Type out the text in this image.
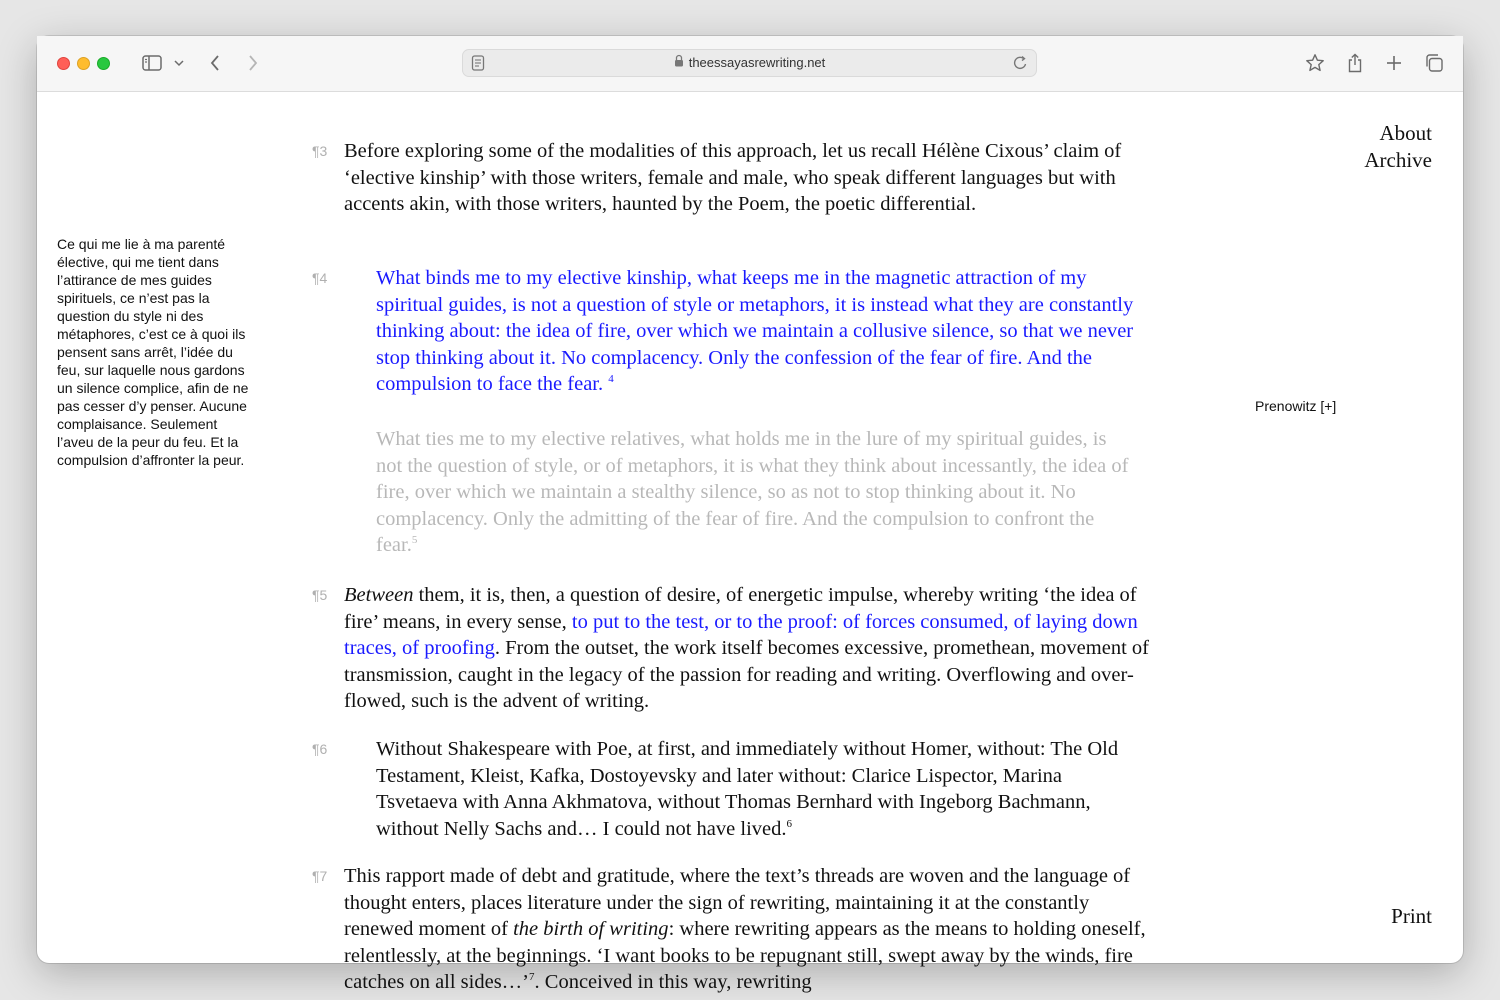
theessayasrewriting.net
About
Archive
Ce qui me lie à ma parenté élective, qui me tient dans l’attirance de mes guides spirituels, ce n’est pas la question du style ni des métaphores, c’est ce à quoi ils pensent sans arrêt, l’idée du feu, sur laquelle nous gardons un silence complice, afin de ne pas cesser d’y penser. Aucune complaisance. Seulement l’aveu de la peur du feu. Et la compulsion d’affronter la peur.
¶3 Before exploring some of the modalities of this approach, let us recall Hélène Cixous’ claim of ‘elective kinship’ with those writers, female and male, who speak different languages but with accents akin, with those writers, haunted by the Poem, the poetic differential.
¶4 What binds me to my elective kinship, what keeps me in the magnetic attraction of my spiritual guides, is not a question of style or metaphors, it is instead what they are constantly thinking about: the idea of fire, over which we maintain a collusive silence, so that we never stop thinking about it. No complacency. Only the confession of the fear of fire. And the compulsion to face the fear. $^4$
What ties me to my elective relatives, what holds me in the lure of my spiritual guides, is not the question of style, or of metaphors, it is what they think about incessantly, the idea of fire, over which we maintain a stealthy silence, so as not to stop thinking about it. No complacency. Only the admitting of the fear of fire. And the compulsion to confront the fear.$^5$
Prenowitz [+]
¶5 Between them, it is, then, a question of desire, of energetic impulse, whereby writing ‘the idea of fire’ means, in every sense, to put to the test, or to the proof: of forces consumed, of laying down traces, of proofing. From the outset, the work itself becomes excessive, promethean, movement of transmission, caught in the legacy of the passion for reading and writing. Overflowing and over-flowed, such is the advent of writing.
¶6 Without Shakespeare with Poe, at first, and immediately without Homer, without: The Old Testament, Kleist, Kafka, Dostoyevsky and later without: Clarice Lispector, Marina Tsvetaeva with Anna Akhmatova, without Thomas Bernhard with Ingeborg Bachmann, without Nelly Sachs and… I could not have lived.$^6$
¶7 This rapport made of debt and gratitude, where the text’s threads are woven and the language of thought enters, places literature under the sign of rewriting, maintaining it at the constantly renewed moment of the birth of writing: where rewriting appears as the means to holding oneself, relentlessly, at the beginnings. ‘I want books to be repugnant still, swept away by the winds, fire catches on all sides…’$^7$. Conceived in this way, rewriting
Print
